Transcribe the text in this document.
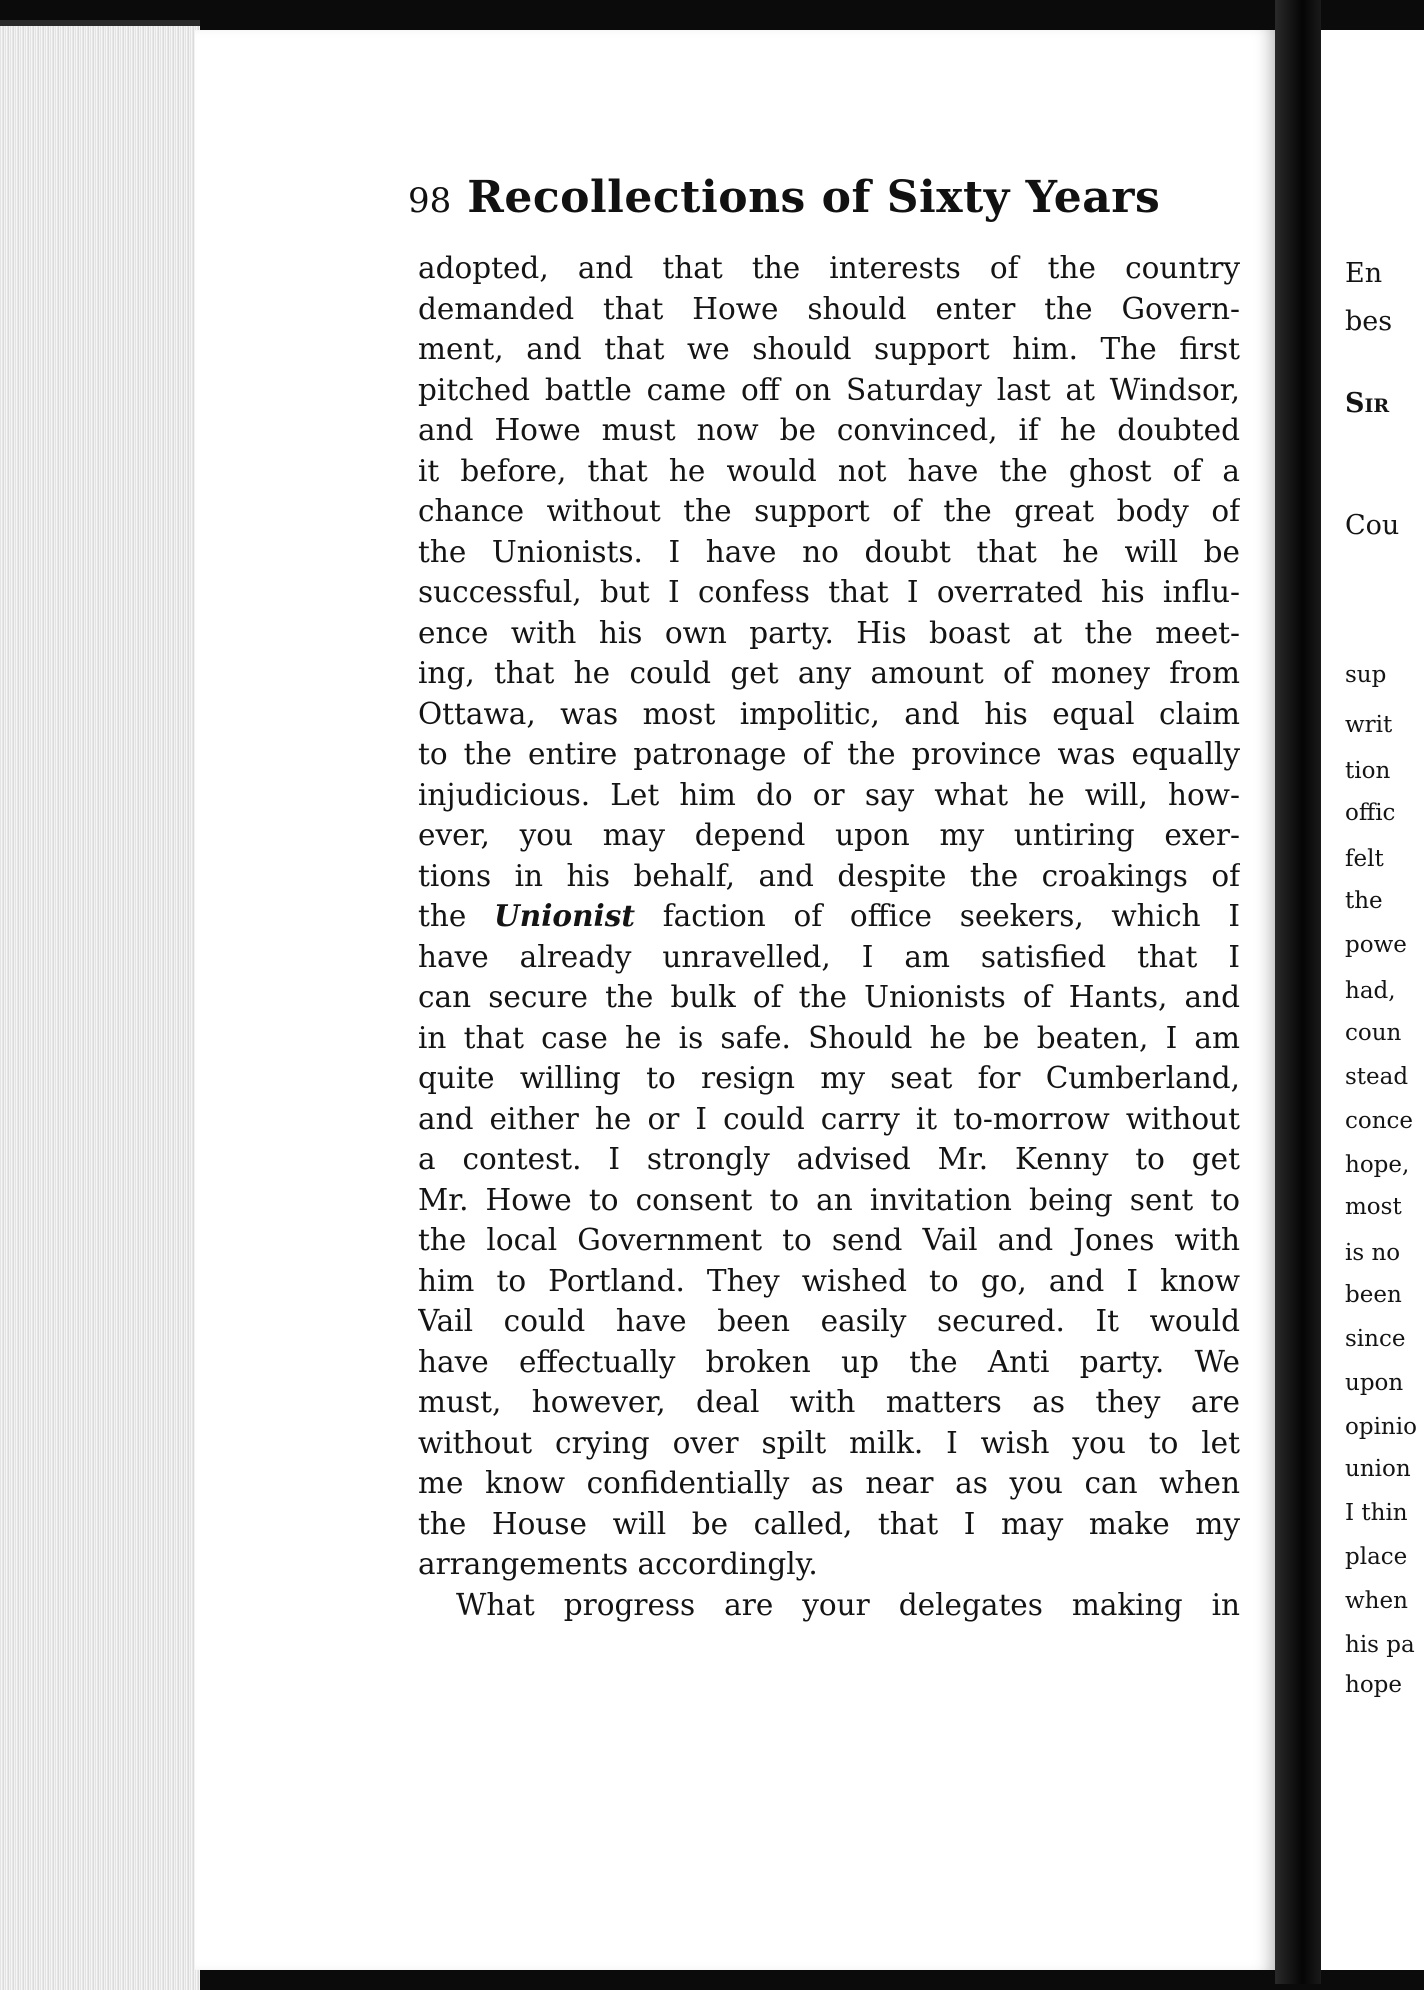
98 Recollections of Sixty Years
adopted, and that the interests of the country
demanded that Howe should enter the Govern-
ment, and that we should support him. The first
pitched battle came off on Saturday last at Windsor,
and Howe must now be convinced, if he doubted
it before, that he would not have the ghost of a
chance without the support of the great body of
the Unionists. I have no doubt that he will be
successful, but I confess that I overrated his influ-
ence with his own party. His boast at the meet-
ing, that he could get any amount of money from
Ottawa, was most impolitic, and his equal claim
to the entire patronage of the province was equally
injudicious. Let him do or say what he will, how-
ever, you may depend upon my untiring exer-
tions in his behalf, and despite the croakings of
the Unionist faction of office seekers, which I
have already unravelled, I am satisfied that I
can secure the bulk of the Unionists of Hants, and
in that case he is safe. Should he be beaten, I am
quite willing to resign my seat for Cumberland,
and either he or I could carry it to-morrow without
a contest. I strongly advised Mr. Kenny to get
Mr. Howe to consent to an invitation being sent to
the local Government to send Vail and Jones with
him to Portland. They wished to go, and I know
Vail could have been easily secured. It would
have effectually broken up the Anti party. We
must, however, deal with matters as they are
without crying over spilt milk. I wish you to let
me know confidentially as near as you can when
the House will be called, that I may make my
arrangements accordingly.
What progress are your delegates making in
En
bes
Sir
Cou
sup
writ
tion
offic
felt
the
powe
had,
coun
stead
conce
hope,
most
is no
been
since
upon
opinio
union
I thin
place
when
his pa
hope
